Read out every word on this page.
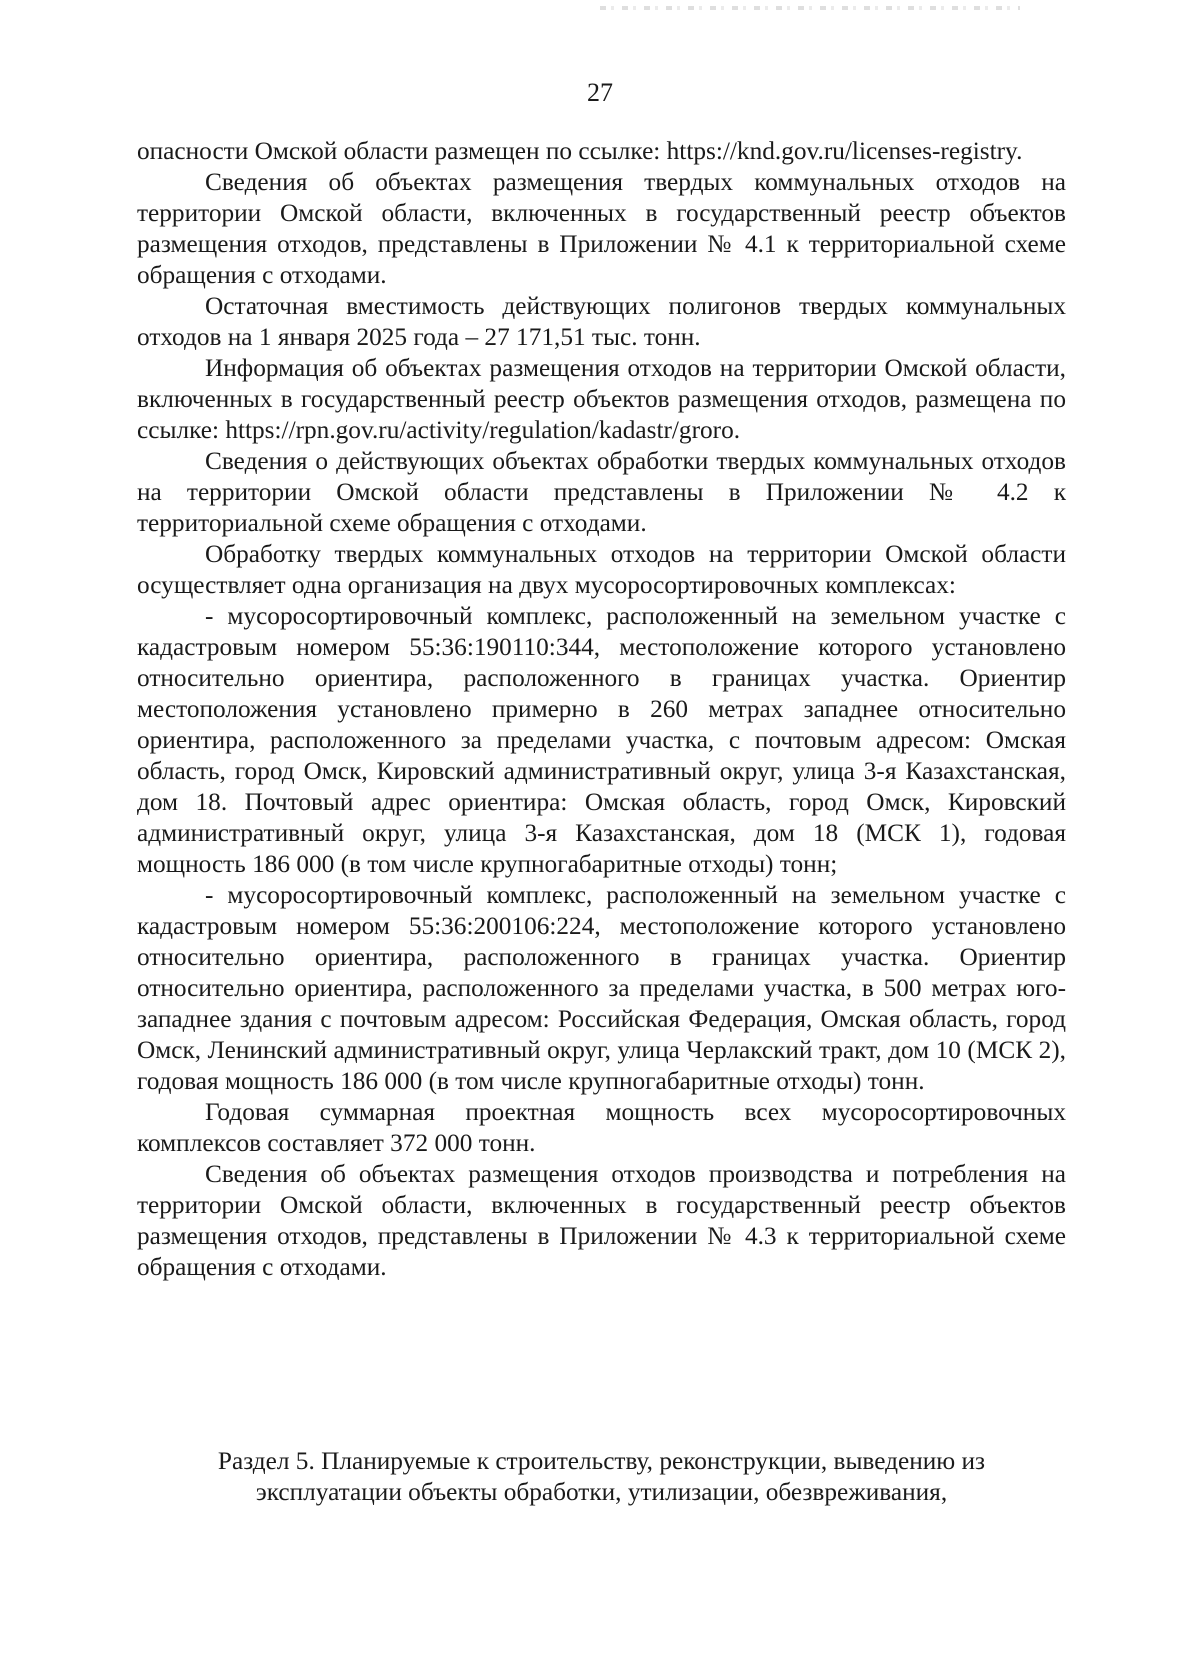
27

опасности Омской области размещен по ссылке: https://knd.gov.ru/licenses-registry.

Сведения об объектах размещения твердых коммунальных отходов на территории Омской области, включенных в государственный реестр объектов размещения отходов, представлены в Приложении № 4.1 к территориальной схеме обращения с отходами.

Остаточная вместимость действующих полигонов твердых коммунальных отходов на 1 января 2025 года – 27 171,51 тыс. тонн.

Информация об объектах размещения отходов на территории Омской области, включенных в государственный реестр объектов размещения отходов, размещена по ссылке: https://rpn.gov.ru/activity/regulation/kadastr/groro.

Сведения о действующих объектах обработки твердых коммунальных отходов на территории Омской области представлены в Приложении № 4.2 к территориальной схеме обращения с отходами.

Обработку твердых коммунальных отходов на территории Омской области осуществляет одна организация на двух мусоросортировочных комплексах:

- мусоросортировочный комплекс, расположенный на земельном участке с кадастровым номером 55:36:190110:344, местоположение которого установлено относительно ориентира, расположенного в границах участка. Ориентир местоположения установлено примерно в 260 метрах западнее относительно ориентира, расположенного за пределами участка, с почтовым адресом: Омская область, город Омск, Кировский административный округ, улица 3-я Казахстанская, дом 18. Почтовый адрес ориентира: Омская область, город Омск, Кировский административный округ, улица 3-я Казахстанская, дом 18 (МСК 1), годовая мощность 186 000 (в том числе крупногабаритные отходы) тонн;

- мусоросортировочный комплекс, расположенный на земельном участке с кадастровым номером 55:36:200106:224, местоположение которого установлено относительно ориентира, расположенного в границах участка. Ориентир относительно ориентира, расположенного за пределами участка, в 500 метрах юго-западнее здания с почтовым адресом: Российская Федерация, Омская область, город Омск, Ленинский административный округ, улица Черлакский тракт, дом 10 (МСК 2), годовая мощность 186 000 (в том числе крупногабаритные отходы) тонн.

Годовая суммарная проектная мощность всех мусоросортировочных комплексов составляет 372 000 тонн.

Сведения об объектах размещения отходов производства и потребления на территории Омской области, включенных в государственный реестр объектов размещения отходов, представлены в Приложении № 4.3 к территориальной схеме обращения с отходами.

Раздел 5. Планируемые к строительству, реконструкции, выведению из
эксплуатации объекты обработки, утилизации, обезвреживания,
